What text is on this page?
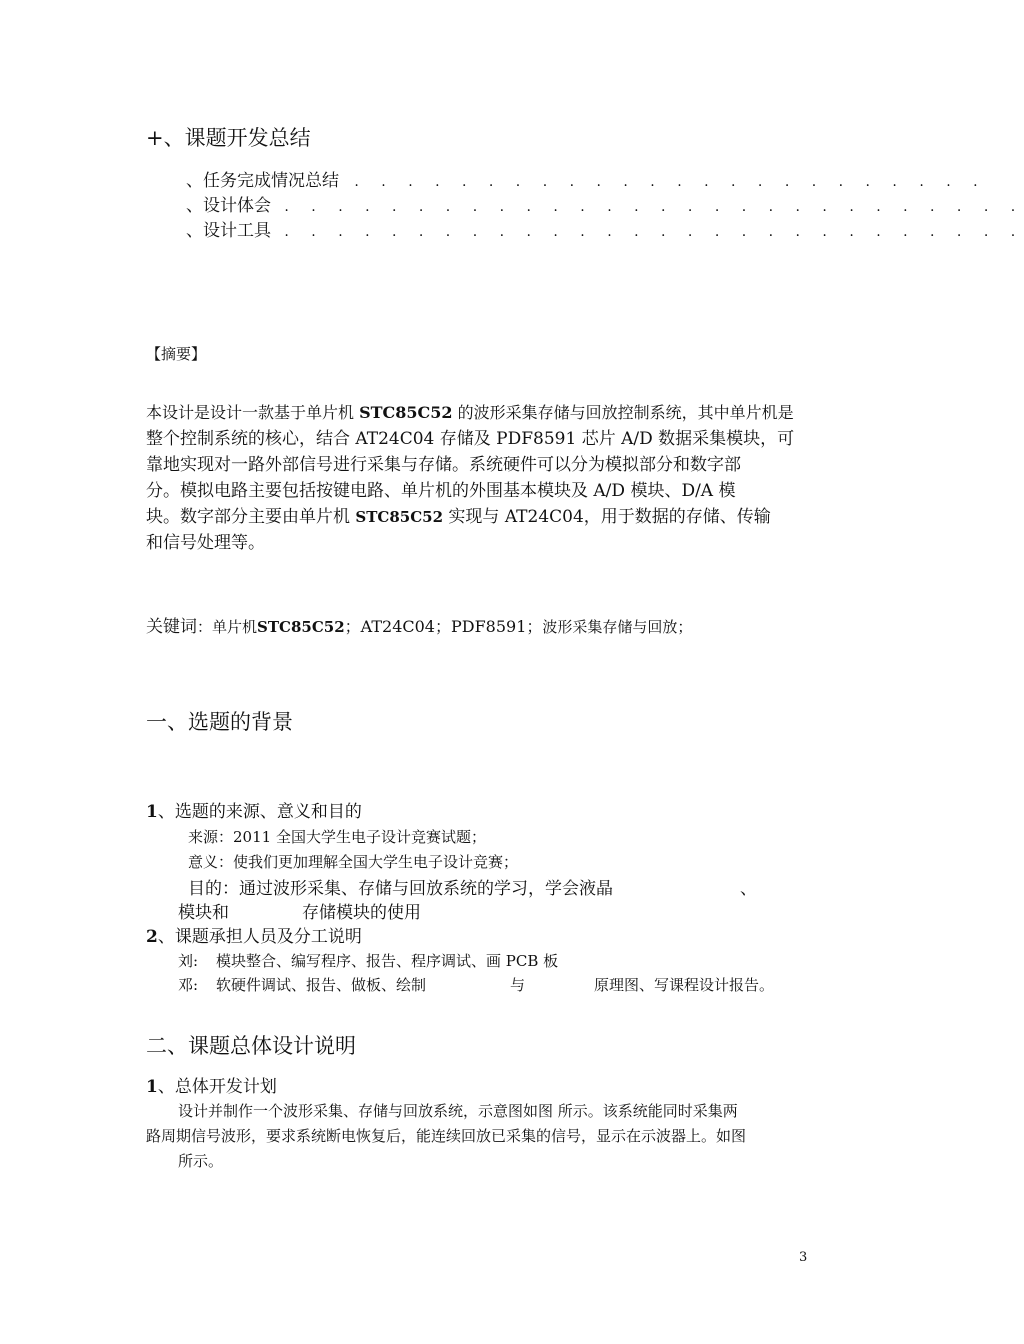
+、课题开发总结
、任务完成情况总结 . . . . . . . . . . . . . . . . . . . . . . . .
、设计体会 . . . . . . . . . . . . . . . . . . . . . . . . . . . .
、设计工具 . . . . . . . . . . . . . . . . . . . . . . . . . . . .
【摘要】
本设计是设计一款基于单片机 STC85C52 的波形采集存储与回放控制系统，其中单片机是
整个控制系统的核心，结合 AT24C04 存储及 PDF8591 芯片 A/D 数据采集模块，可
靠地实现对一路外部信号进行采集与存储。系统硬件可以分为模拟部分和数字部
分。模拟电路主要包括按键电路、单片机的外围基本模块及 A/D 模块、D/A 模
块。数字部分主要由单片机 STC85C52 实现与 AT24C04，用于数据的存储、传输
和信号处理等。
关键词：单片机STC85C52；AT24C04；PDF8591；波形采集存储与回放；
一、选题的背景
1、选题的来源、意义和目的
来源：2011 全国大学生电子设计竞赛试题；
意义：使我们更加理解全国大学生电子设计竞赛；
目的：通过波形采集、存储与回放系统的学习，学会液晶	、
模块和	存储模块的使用
2、课题承担人员及分工说明
刘: 模块整合、编写程序、报告、程序调试、画 PCB 板
邓: 软硬件调试、报告、做板、绘制	与	原理图、写课程设计报告。
二、课题总体设计说明
1、总体开发计划
设计并制作一个波形采集、存储与回放系统，示意图如图 所示。该系统能同时采集两
路周期信号波形，要求系统断电恢复后，能连续回放已采集的信号，显示在示波器上。如图
所示。
3
